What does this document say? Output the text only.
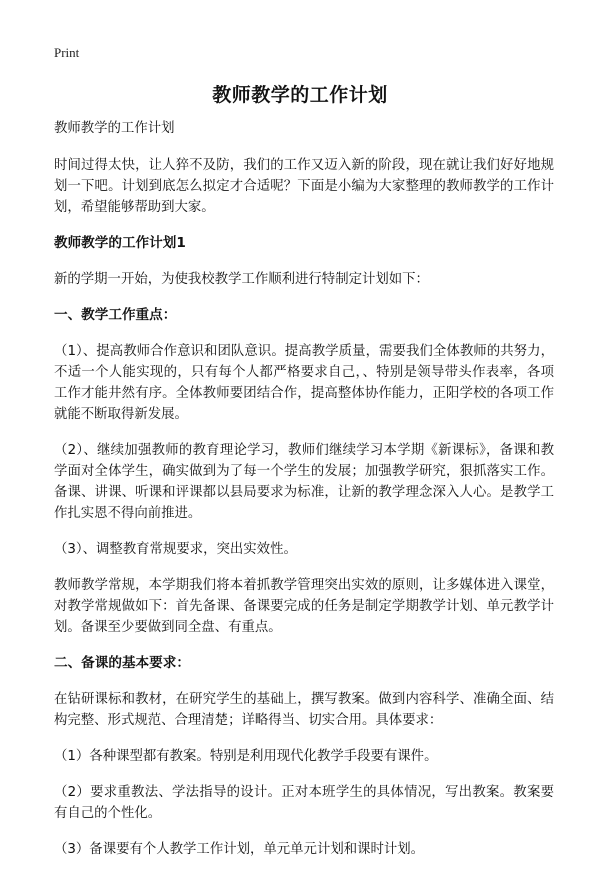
Print
教师教学的工作计划
教师教学的工作计划
时间过得太快，让人猝不及防，我们的工作又迈入新的阶段，现在就让我们好好地规划一下吧。计划到底怎么拟定才合适呢？下面是小编为大家整理的教师教学的工作计划，希望能够帮助到大家。
教师教学的工作计划1
新的学期一开始，为使我校教学工作顺利进行特制定计划如下：
一、教学工作重点：
（1）、提高教师合作意识和团队意识。提高教学质量，需要我们全体教师的共努力，不适一个人能实现的，只有每个人都严格要求自己，、特别是领导带头作表率，各项工作才能井然有序。全体教师要团结合作，提高整体协作能力，正阳学校的各项工作就能不断取得新发展。
（2）、继续加强教师的教育理论学习，教师们继续学习本学期《新课标》，备课和教学面对全体学生，确实做到为了每一个学生的发展；加强教学研究，狠抓落实工作。备课、讲课、听课和评课都以县局要求为标准，让新的教学理念深入人心。是教学工作扎实恩不得向前推进。
（3）、调整教育常规要求，突出实效性。
教师教学常规，本学期我们将本着抓教学管理突出实效的原则，让多媒体进入课堂，对教学常规做如下：首先备课、备课要完成的任务是制定学期教学计划、单元教学计划。备课至少要做到同全盘、有重点。
二、备课的基本要求：
在钻研课标和教材，在研究学生的基础上，撰写教案。做到内容科学、准确全面、结构完整、形式规范、合理清楚；详略得当、切实合用。具体要求：
（1）各种课型都有教案。特别是利用现代化教学手段要有课件。
（2）要求重教法、学法指导的设计。正对本班学生的具体情况，写出教案。教案要有自己的个性化。
（3）备课要有个人教学工作计划，单元单元计划和课时计划。
